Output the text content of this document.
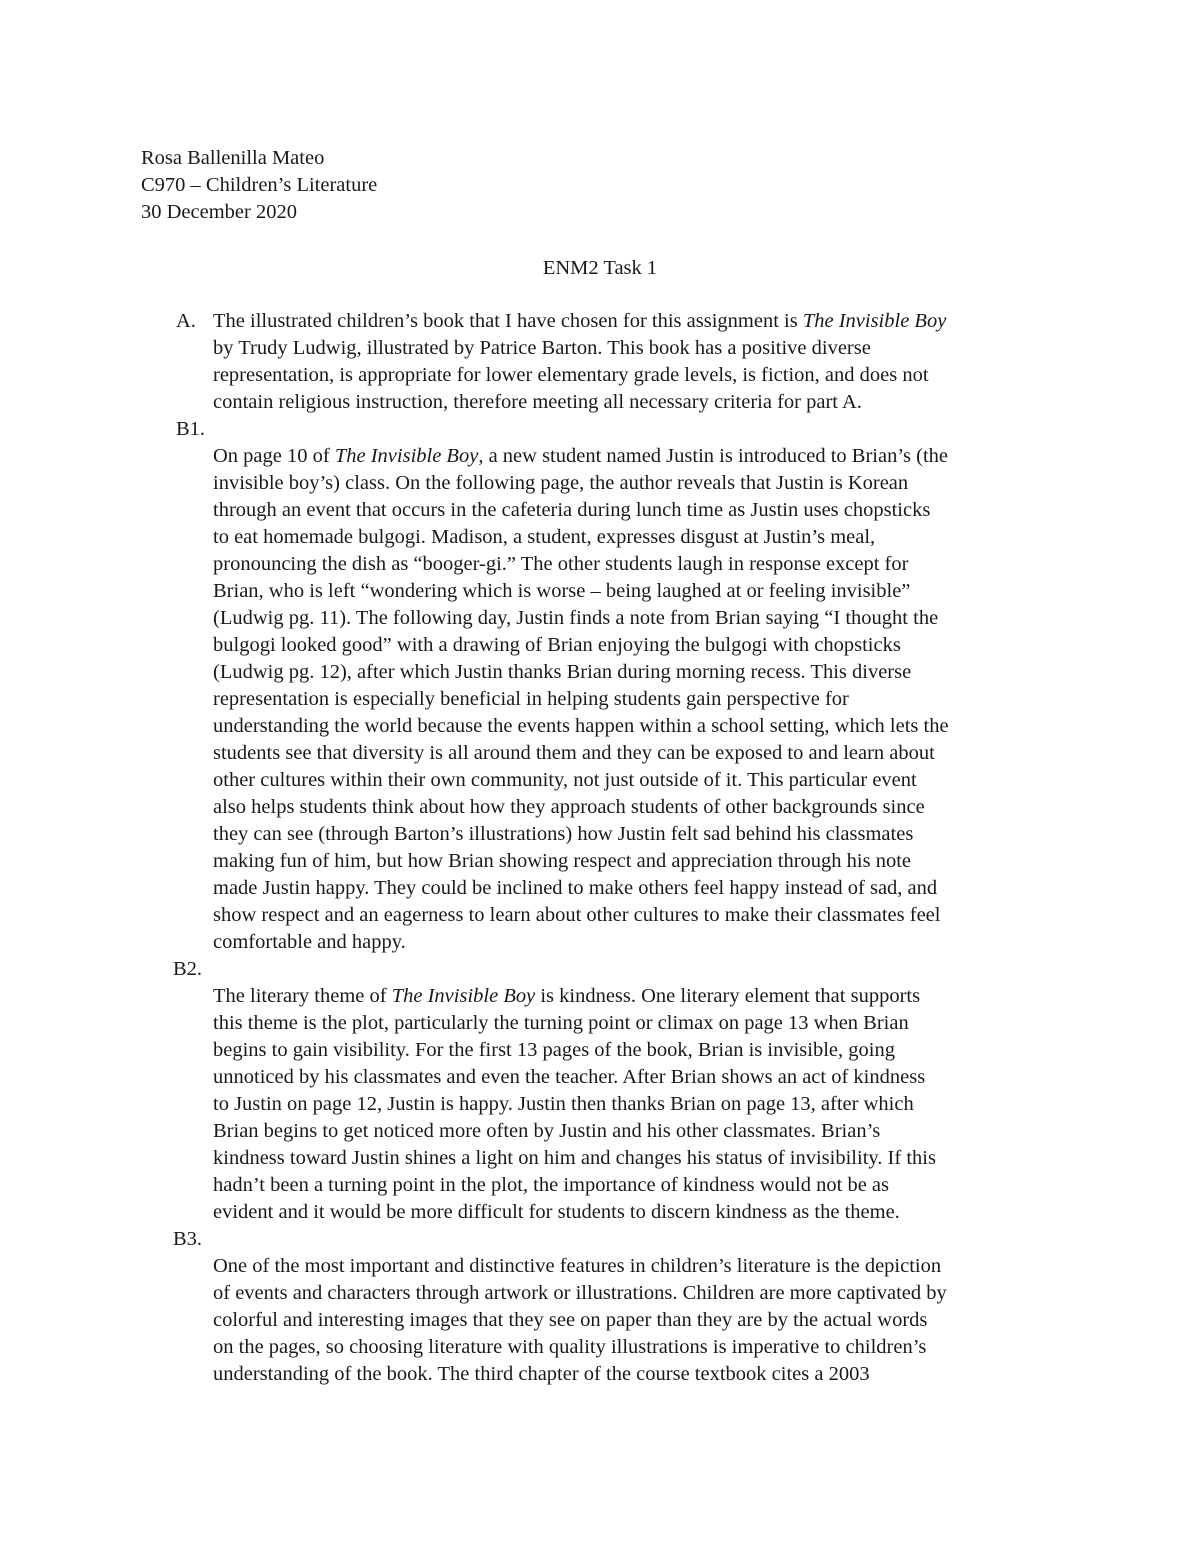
Rosa Ballenilla Mateo
C970 – Children’s Literature
30 December 2020
ENM2 Task 1
A. The illustrated children’s book that I have chosen for this assignment is The Invisible Boy
by Trudy Ludwig, illustrated by Patrice Barton. This book has a positive diverse
representation, is appropriate for lower elementary grade levels, is fiction, and does not
contain religious instruction, therefore meeting all necessary criteria for part A.
B1.
On page 10 of The Invisible Boy, a new student named Justin is introduced to Brian’s (the
invisible boy’s) class. On the following page, the author reveals that Justin is Korean
through an event that occurs in the cafeteria during lunch time as Justin uses chopsticks
to eat homemade bulgogi. Madison, a student, expresses disgust at Justin’s meal,
pronouncing the dish as “booger-gi.” The other students laugh in response except for
Brian, who is left “wondering which is worse – being laughed at or feeling invisible”
(Ludwig pg. 11). The following day, Justin finds a note from Brian saying “I thought the
bulgogi looked good” with a drawing of Brian enjoying the bulgogi with chopsticks
(Ludwig pg. 12), after which Justin thanks Brian during morning recess. This diverse
representation is especially beneficial in helping students gain perspective for
understanding the world because the events happen within a school setting, which lets the
students see that diversity is all around them and they can be exposed to and learn about
other cultures within their own community, not just outside of it. This particular event
also helps students think about how they approach students of other backgrounds since
they can see (through Barton’s illustrations) how Justin felt sad behind his classmates
making fun of him, but how Brian showing respect and appreciation through his note
made Justin happy. They could be inclined to make others feel happy instead of sad, and
show respect and an eagerness to learn about other cultures to make their classmates feel
comfortable and happy.
B2.
The literary theme of The Invisible Boy is kindness. One literary element that supports
this theme is the plot, particularly the turning point or climax on page 13 when Brian
begins to gain visibility. For the first 13 pages of the book, Brian is invisible, going
unnoticed by his classmates and even the teacher. After Brian shows an act of kindness
to Justin on page 12, Justin is happy. Justin then thanks Brian on page 13, after which
Brian begins to get noticed more often by Justin and his other classmates. Brian’s
kindness toward Justin shines a light on him and changes his status of invisibility. If this
hadn’t been a turning point in the plot, the importance of kindness would not be as
evident and it would be more difficult for students to discern kindness as the theme.
B3.
One of the most important and distinctive features in children’s literature is the depiction
of events and characters through artwork or illustrations. Children are more captivated by
colorful and interesting images that they see on paper than they are by the actual words
on the pages, so choosing literature with quality illustrations is imperative to children’s
understanding of the book. The third chapter of the course textbook cites a 2003
